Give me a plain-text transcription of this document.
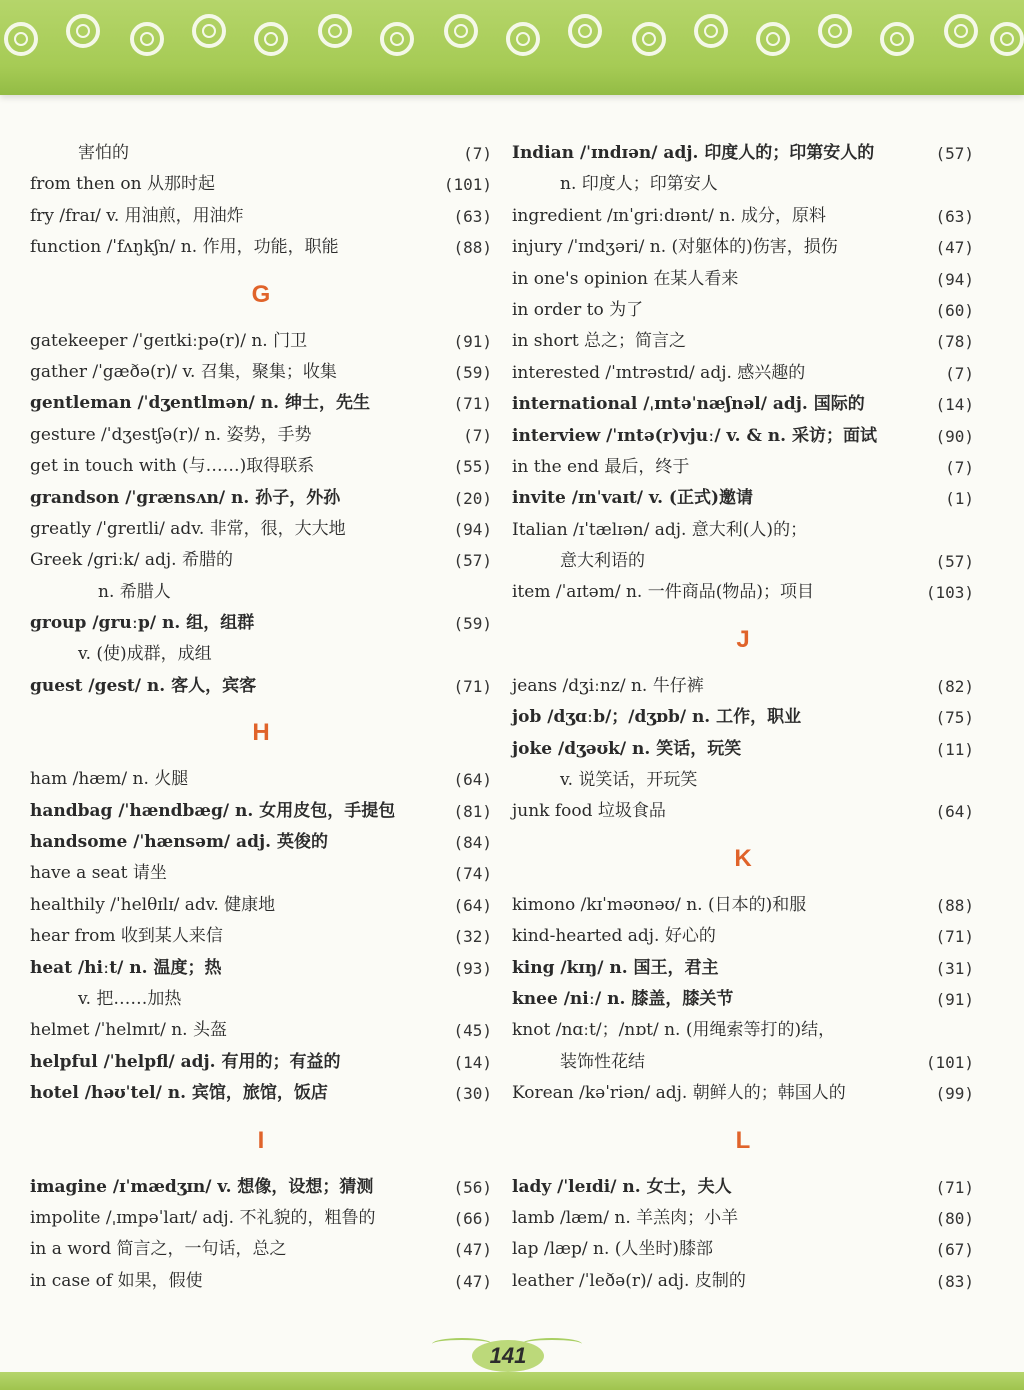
害怕的	(7)
from then on 从那时起	(101)
fry /fraɪ/ v. 用油煎，用油炸	(63)
function /ˈfʌŋkʃn/ n. 作用，功能，职能	(88)
G
gatekeeper /ˈgeɪtkiːpə(r)/ n. 门卫	(91)
gather /ˈgæðə(r)/ v. 召集，聚集；收集	(59)
gentleman /ˈdʒentlmən/ n. 绅士，先生	(71)
gesture /ˈdʒestʃə(r)/ n. 姿势，手势	(7)
get in touch with (与……)取得联系	(55)
grandson /ˈgrænsʌn/ n. 孙子，外孙	(20)
greatly /ˈgreɪtli/ adv. 非常，很，大大地	(94)
Greek /griːk/ adj. 希腊的	(57)
n. 希腊人
group /gruːp/ n. 组，组群	(59)
v. (使)成群，成组
guest /gest/ n. 客人，宾客	(71)
H
ham /hæm/ n. 火腿	(64)
handbag /ˈhændbæg/ n. 女用皮包，手提包	(81)
handsome /ˈhænsəm/ adj. 英俊的	(84)
have a seat 请坐	(74)
healthily /ˈhelθɪlɪ/ adv. 健康地	(64)
hear from 收到某人来信	(32)
heat /hiːt/ n. 温度；热	(93)
v. 把……加热
helmet /ˈhelmɪt/ n. 头盔	(45)
helpful /ˈhelpfl/ adj. 有用的；有益的	(14)
hotel /həʊˈtel/ n. 宾馆，旅馆，饭店	(30)
I
imagine /ɪˈmædʒɪn/ v. 想像，设想；猜测	(56)
impolite /ˌɪmpəˈlaɪt/ adj. 不礼貌的，粗鲁的	(66)
in a word 简言之，一句话，总之	(47)
in case of 如果，假使	(47)
Indian /ˈɪndɪən/ adj. 印度人的；印第安人的	(57)
n. 印度人；印第安人
ingredient /ɪnˈgriːdɪənt/ n. 成分，原料	(63)
injury /ˈɪndʒəri/ n. (对躯体的)伤害，损伤	(47)
in one's opinion 在某人看来	(94)
in order to 为了	(60)
in short 总之；简言之	(78)
interested /ˈɪntrəstɪd/ adj. 感兴趣的	(7)
international /ˌɪntəˈnæʃnəl/ adj. 国际的	(14)
interview /ˈɪntə(r)vjuː/ v. & n. 采访；面试	(90)
in the end 最后，终于	(7)
invite /ɪnˈvaɪt/ v. (正式)邀请	(1)
Italian /ɪˈtælɪən/ adj. 意大利(人)的；
意大利语的	(57)
item /ˈaɪtəm/ n. 一件商品(物品)；项目	(103)
J
jeans /dʒiːnz/ n. 牛仔裤	(82)
job /dʒɑːb/；/dʒɒb/ n. 工作，职业	(75)
joke /dʒəʊk/ n. 笑话，玩笑	(11)
v. 说笑话，开玩笑
junk food 垃圾食品	(64)
K
kimono /kɪˈməʊnəʊ/ n. (日本的)和服	(88)
kind-hearted adj. 好心的	(71)
king /kɪŋ/ n. 国王，君主	(31)
knee /niː/ n. 膝盖，膝关节	(91)
knot /nɑːt/；/nɒt/ n. (用绳索等打的)结，
装饰性花结	(101)
Korean /kəˈriən/ adj. 朝鲜人的；韩国人的	(99)
L
lady /ˈleɪdi/ n. 女士，夫人	(71)
lamb /læm/ n. 羊羔肉；小羊	(80)
lap /læp/ n. (人坐时)膝部	(67)
leather /ˈleðə(r)/ adj. 皮制的	(83)
141
